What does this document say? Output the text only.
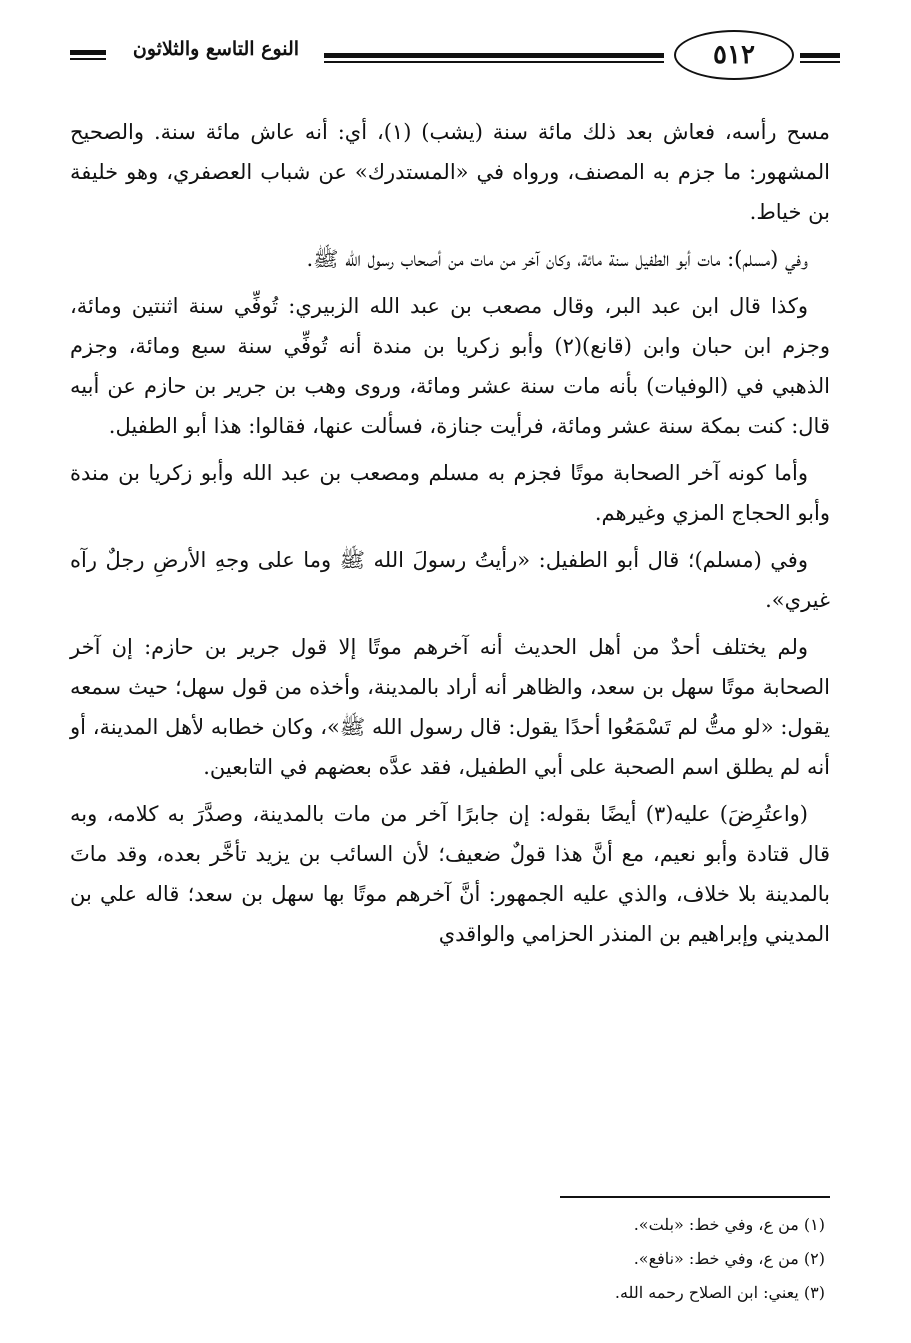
النوع التاسع والثلاثون	٥١٢

مسح رأسه، فعاش بعد ذلك مائة سنة (يشب) (١)، أي: أنه عاش مائة سنة. والصحيح المشهور: ما جزم به المصنف، ورواه في «المستدرك» عن شباب العصفري، وهو خليفة بن خياط.

وفي (مسلم): مات أبو الطفيل سنة مائة، وكان آخر من مات من أصحاب رسول الله ﷺ.

وكذا قال ابن عبد البر، وقال مصعب بن عبد الله الزبيري: تُوفِّي سنة اثنتين ومائة، وجزم ابن حبان وابن (قانع)(٢) وأبو زكريا بن مندة أنه تُوفِّي سنة سبع ومائة، وجزم الذهبي في (الوفيات) بأنه مات سنة عشر ومائة، وروى وهب بن جرير بن حازم عن أبيه قال: كنت بمكة سنة عشر ومائة، فرأيت جنازة، فسألت عنها، فقالوا: هذا أبو الطفيل.

وأما كونه آخر الصحابة موتًا فجزم به مسلم ومصعب بن عبد الله وأبو زكريا بن مندة وأبو الحجاج المزي وغيرهم.

وفي (مسلم)؛ قال أبو الطفيل: «رأيتُ رسولَ الله ﷺ وما على وجهِ الأرضِ رجلٌ رآه غيري».

ولم يختلف أحدٌ من أهل الحديث أنه آخرهم موتًا إلا قول جرير بن حازم: إن آخر الصحابة موتًا سهل بن سعد، والظاهر أنه أراد بالمدينة، وأخذه من قول سهل؛ حيث سمعه يقول: «لو متُّ لم تَسْمَعُوا أحدًا يقول: قال رسول الله ﷺ»، وكان خطابه لأهل المدينة، أو أنه لم يطلق اسم الصحبة على أبي الطفيل، فقد عدَّه بعضهم في التابعين.

(واعتُرِضَ) عليه(٣) أيضًا بقوله: إن جابرًا آخر من مات بالمدينة، وصدَّرَ به كلامه، وبه قال قتادة وأبو نعيم، مع أنَّ هذا قولٌ ضعيف؛ لأن السائب بن يزيد تأخَّر بعده، وقد ماتَ بالمدينة بلا خلاف، والذي عليه الجمهور: أنَّ آخرهم موتًا بها سهل بن سعد؛ قاله علي بن المديني وإبراهيم بن المنذر الحزامي والواقدي

(١) من ع، وفي خط: «بلت».

(٢) من ع، وفي خط: «نافع».

(٣) يعني: ابن الصلاح رحمه الله.
